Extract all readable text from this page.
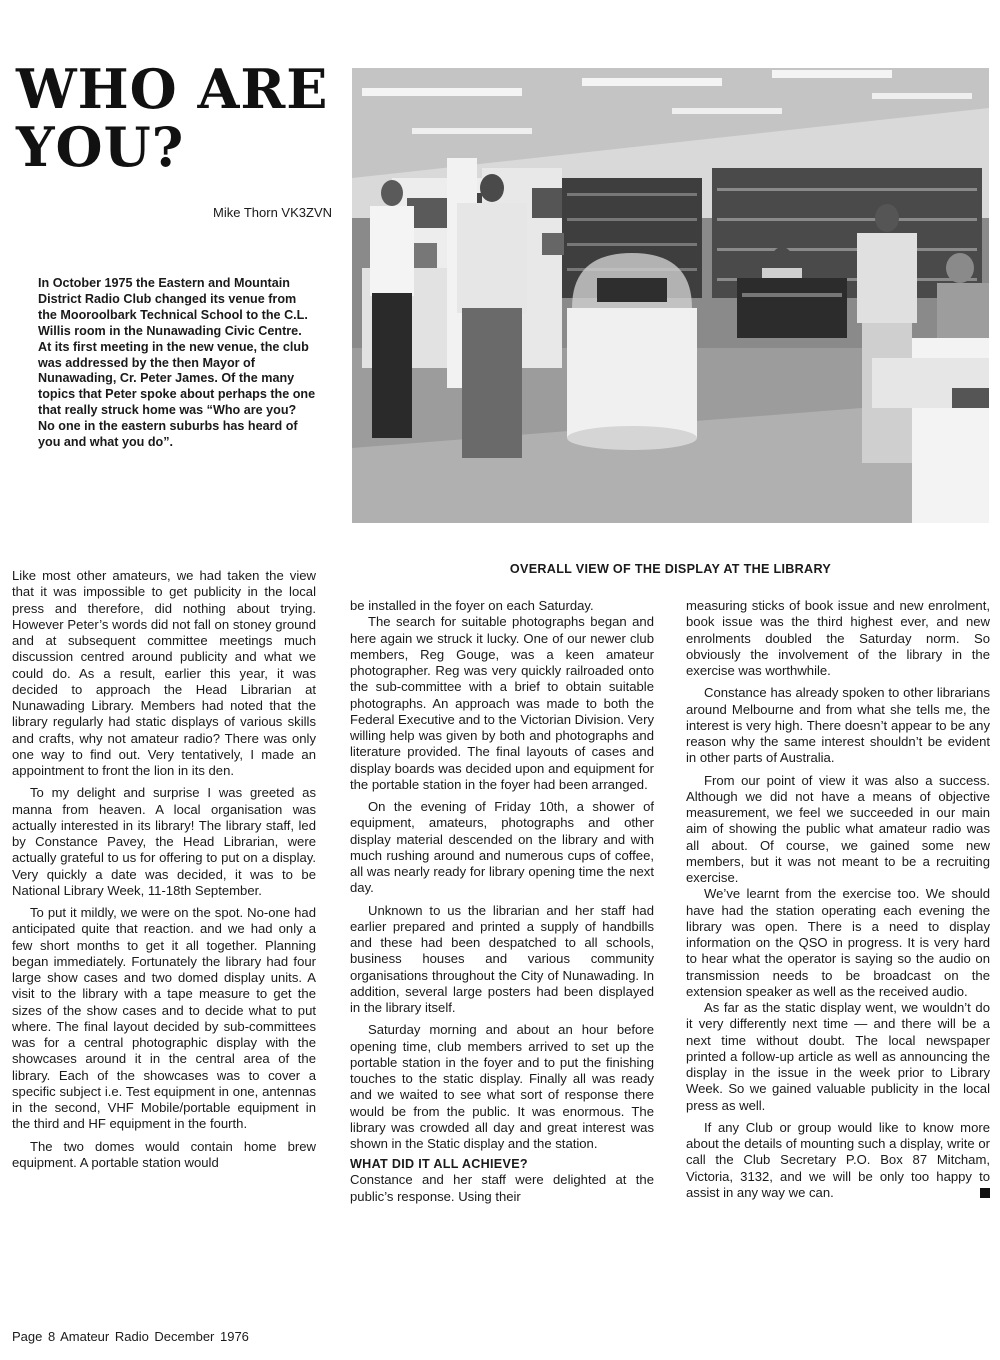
WHO ARE
YOU?
Mike Thorn VK3ZVN
In October 1975 the Eastern and Mountain District Radio Club changed its venue from the Mooroolbark Technical School to the C.L. Willis room in the Nunawading Civic Centre. At its first meeting in the new venue, the club was addressed by the then Mayor of Nunawading, Cr. Peter James. Of the many topics that Peter spoke about perhaps the one that really struck home was “Who are you? No one in the eastern suburbs has heard of you and what you do”.
OVERALL VIEW OF THE DISPLAY AT THE LIBRARY

Like most other amateurs, we had taken the view that it was impossible to get publicity in the local press and therefore, did nothing about trying. However Peter’s words did not fall on stoney ground and at subsequent committee meetings much discussion centred around publicity and what we could do. As a result, earlier this year, it was decided to approach the Head Librarian at Nunawading Library. Members had noted that the library regularly had static displays of various skills and crafts, why not amateur radio? There was only one way to find out. Very tentatively, I made an appointment to front the lion in its den.

To my delight and surprise I was greeted as manna from heaven. A local organisation was actually interested in its library! The library staff, led by Constance Pavey, the Head Librarian, were actually grateful to us for offering to put on a display. Very quickly a date was decided, it was to be National Library Week, 11-18th September.

To put it mildly, we were on the spot. No-one had anticipated quite that reaction. and we had only a few short months to get it all together. Planning began immediately. Fortunately the library had four large show cases and two domed display units. A visit to the library with a tape measure to get the sizes of the show cases and to decide what to put where. The final layout decided by sub-committees was for a central photographic display with the showcases around it in the central area of the library. Each of the showcases was to cover a specific subject i.e. Test equipment in one, antennas in the second, VHF Mobile/portable equipment in the third and HF equipment in the fourth.

The two domes would contain home brew equipment. A portable station would

be installed in the foyer on each Saturday.

The search for suitable photographs began and here again we struck it lucky. One of our newer club members, Reg Gouge, was a keen amateur photographer. Reg was very quickly railroaded onto the sub-committee with a brief to obtain suitable photographs. An approach was made to both the Federal Executive and to the Victorian Division. Very willing help was given by both and photographs and literature provided. The final layouts of cases and display boards was decided upon and equipment for the portable station in the foyer had been arranged.

On the evening of Friday 10th, a shower of equipment, amateurs, photographs and other display material descended on the library and with much rushing around and numerous cups of coffee, all was nearly ready for library opening time the next day.

Unknown to us the librarian and her staff had earlier prepared and printed a supply of handbills and these had been despatched to all schools, business houses and various community organisations throughout the City of Nunawading. In addition, several large posters had been displayed in the library itself.

Saturday morning and about an hour before opening time, club members arrived to set up the portable station in the foyer and to put the finishing touches to the static display. Finally all was ready and we waited to see what sort of response there would be from the public. It was enormous. The library was crowded all day and great interest was shown in the Static display and the station.

WHAT DID IT ALL ACHIEVE?

Constance and her staff were delighted at the public’s response. Using their

measuring sticks of book issue and new enrolment, book issue was the third highest ever, and new enrolments doubled the Saturday norm. So obviously the involvement of the library in the exercise was worthwhile.

Constance has already spoken to other librarians around Melbourne and from what she tells me, the interest is very high. There doesn’t appear to be any reason why the same interest shouldn’t be evident in other parts of Australia.

From our point of view it was also a success. Although we did not have a means of objective measurement, we feel we succeeded in our main aim of showing the public what amateur radio was all about. Of course, we gained some new members, but it was not meant to be a recruiting exercise.

We’ve learnt from the exercise too. We should have had the station operating each evening the library was open. There is a need to display information on the QSO in progress. It is very hard to hear what the operator is saying so the audio on transmission needs to be broadcast on the extension speaker as well as the received audio.

As far as the static display went, we wouldn’t do it very differently next time — and there will be a next time without doubt. The local newspaper printed a follow-up article as well as announcing the display in the issue in the week prior to Library Week. So we gained valuable publicity in the local press as well.

If any Club or group would like to know more about the details of mounting such a display, write or call the Club Secretary P.O. Box 87 Mitcham, Victoria, 3132, and we will be only too happy to assist in any way we can.

Page 8 Amateur Radio December 1976
